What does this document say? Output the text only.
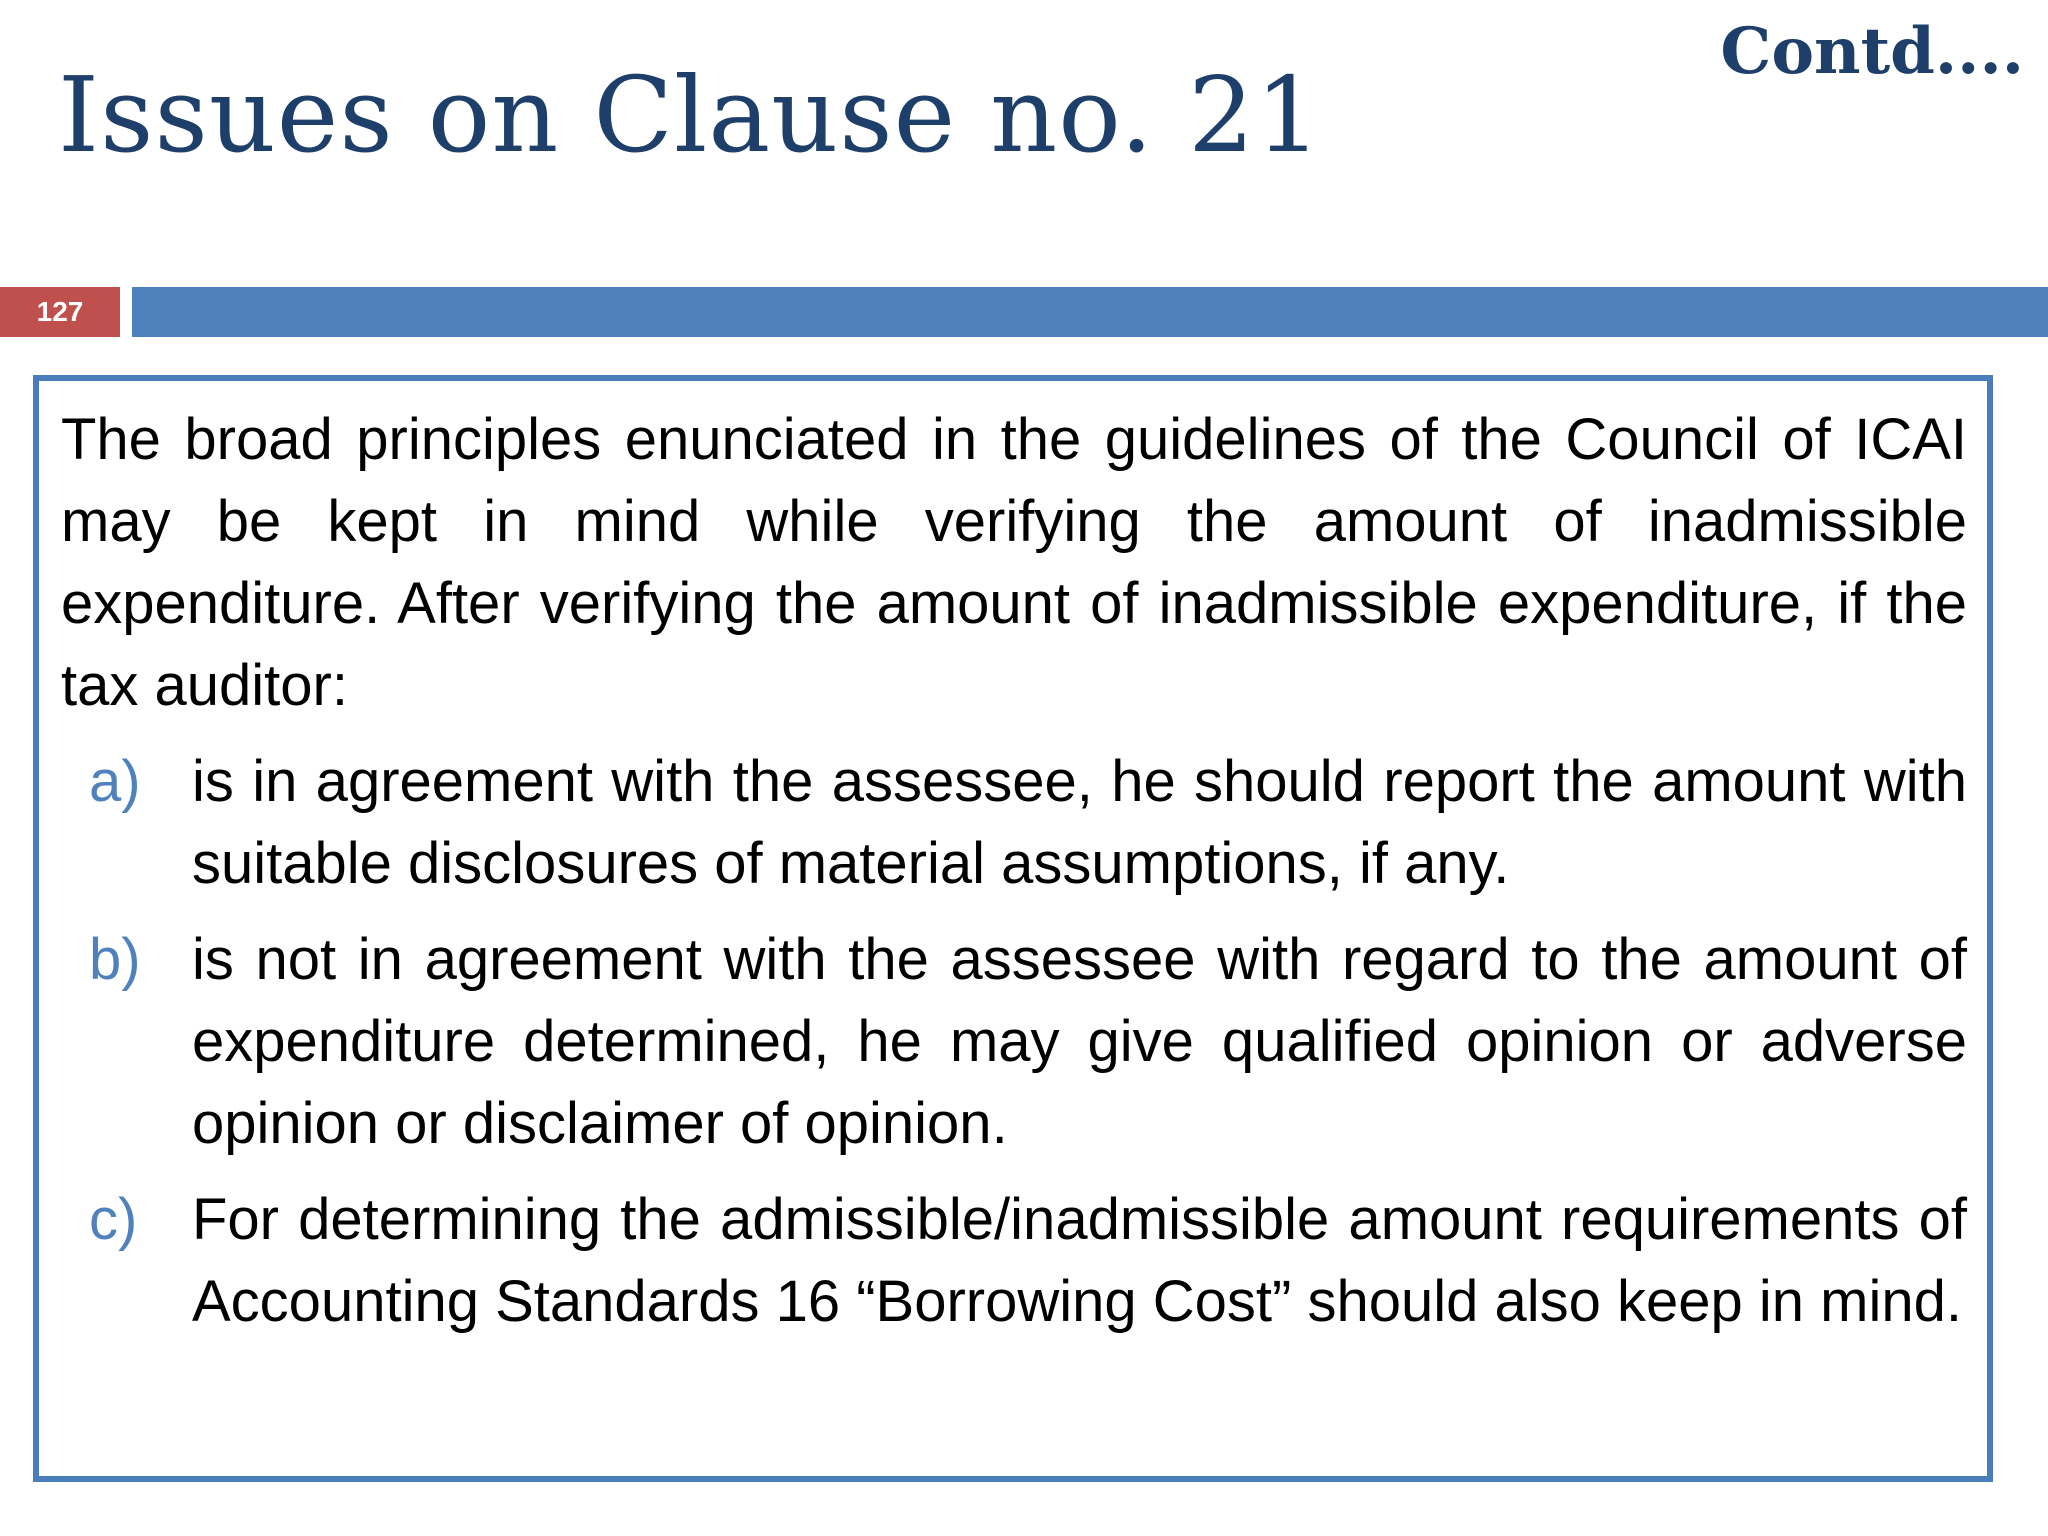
Issues on Clause no. 21
Contd....
127

The broad principles enunciated in the guidelines of the Council of ICAI may be kept in mind while verifying the amount of inadmissible expenditure. After verifying the amount of inadmissible expenditure, if the tax auditor:

a) is in agreement with the assessee, he should report the amount with suitable disclosures of material assumptions, if any.
b) is not in agreement with the assessee with regard to the amount of expenditure determined, he may give qualified opinion or adverse opinion or disclaimer of opinion.
c) For determining the admissible/inadmissible amount requirements of Accounting Standards 16 “Borrowing Cost” should also keep in mind.
